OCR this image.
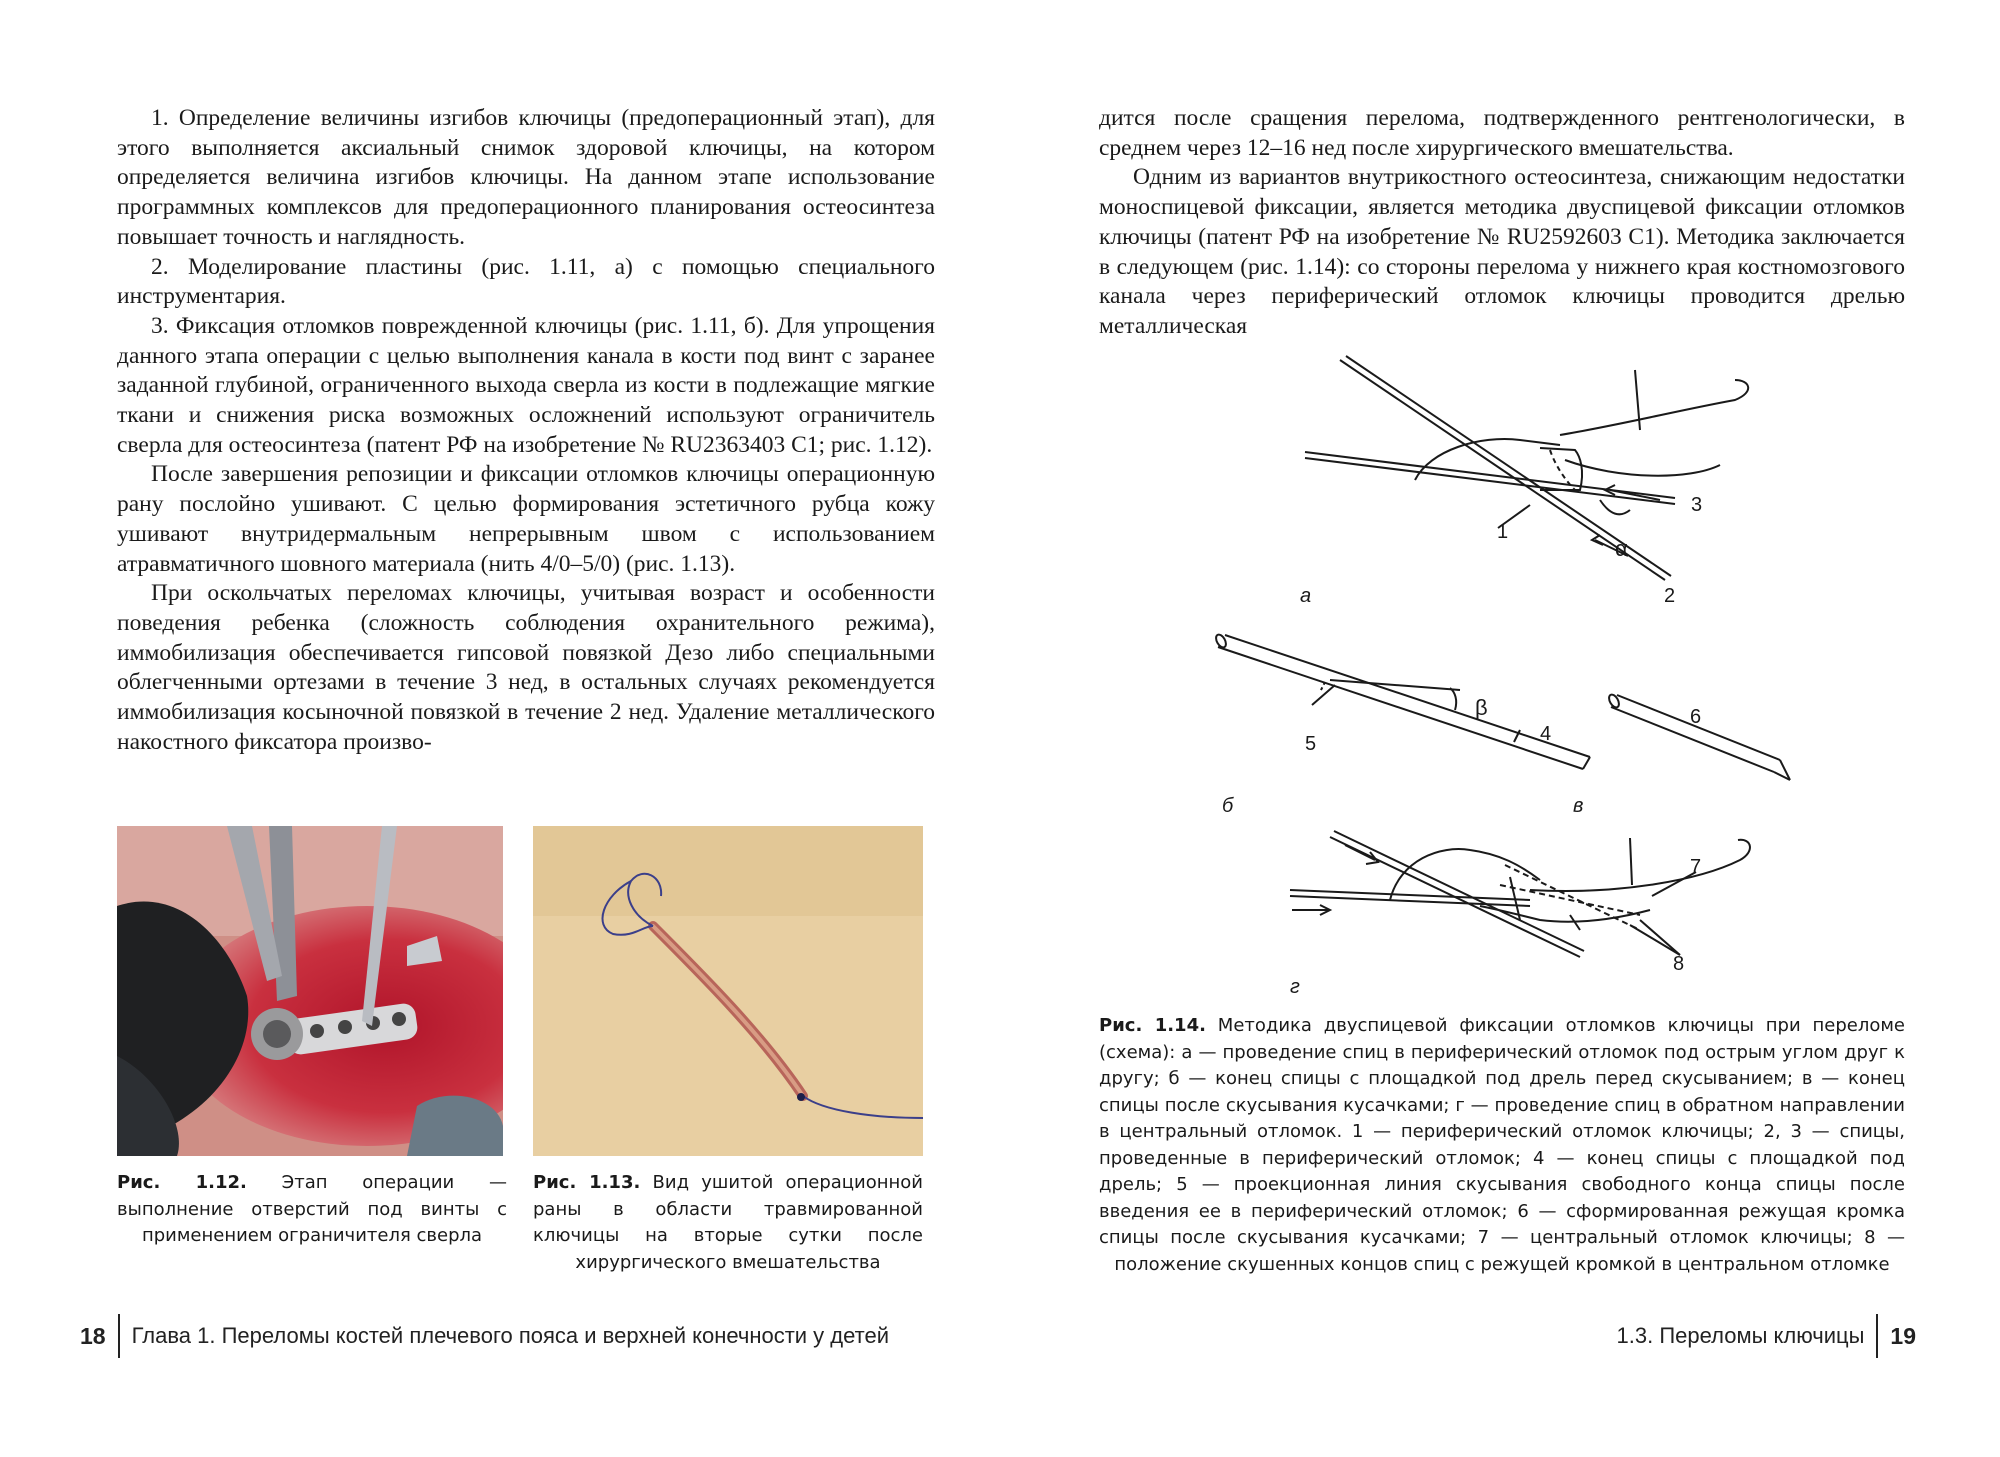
1. Определение величины изгибов ключицы (предоперационный этап), для этого выполняется аксиальный снимок здоровой ключицы, на котором определяется величина изгибов ключицы. На данном этапе использование программных комплексов для предоперационного планирования остеосинтеза повышает точность и наглядность.

2. Моделирование пластины (рис. 1.11, а) с помощью специального инструментария.

3. Фиксация отломков поврежденной ключицы (рис. 1.11, б). Для упрощения данного этапа операции с целью выполнения канала в кости под винт с заранее заданной глубиной, ограниченного выхода сверла из кости в подлежащие мягкие ткани и снижения риска возможных осложнений используют ограничитель сверла для остеосинтеза (патент РФ на изобретение № RU2363403 C1; рис. 1.12).

После завершения репозиции и фиксации отломков ключицы операционную рану послойно ушивают. С целью формирования эстетичного рубца кожу ушивают внутридермальным непрерывным швом с использованием атравматичного шовного материала (нить 4/0–5/0) (рис. 1.13).

При оскольчатых переломах ключицы, учитывая возраст и особенности поведения ребенка (сложность соблюдения охранительного режима), иммобилизация обеспечивается гипсовой повязкой Дезо либо специальными облегченными ортезами в течение 3 нед, в остальных случаях рекомендуется иммобилизация косыночной повязкой в течение 2 нед. Удаление металлического накостного фиксатора произво-

Рис. 1.12. Этап операции — выполнение отверстий под винты с применением ограничителя сверла
Рис. 1.13. Вид ушитой операционной раны в области травмированной ключицы на вторые сутки после хирургического вмешательства
18 Глава 1. Переломы костей плечевого пояса и верхней конечности у детей

дится после сращения перелома, подтвержденного рентгенологически, в среднем через 12–16 нед после хирургического вмешательства.

Одним из вариантов внутрикостного остеосинтеза, снижающим недостатки моноспицевой фиксации, является методика двуспицевой фиксации отломков ключицы (патент РФ на изобретение № RU2592603 C1). Методика заключается в следующем (рис. 1.14): со стороны перелома у нижнего края костномозгового канала через периферический отломок ключицы проводится дрелью металлическая

α
1
2
3
а
β
4
5
б
6
в
7
8
г
Рис. 1.14. Методика двуспицевой фиксации отломков ключицы при переломе (схема): а — проведение спиц в периферический отломок под острым углом друг к другу; б — конец спицы с площадкой под дрель перед скусыванием; в — конец спицы после скусывания кусачками; г — проведение спиц в обратном направлении в центральный отломок. 1 — периферический отломок ключицы; 2, 3 — спицы, проведенные в периферический отломок; 4 — конец спицы с площадкой под дрель; 5 — проекционная линия скусывания свободного конца спицы после введения ее в периферический отломок; 6 — сформированная режущая кромка спицы после скусывания кусачками; 7 — центральный отломок ключицы; 8 — положение скушенных концов спиц с режущей кромкой в центральном отломке
1.3. Переломы ключицы 19
